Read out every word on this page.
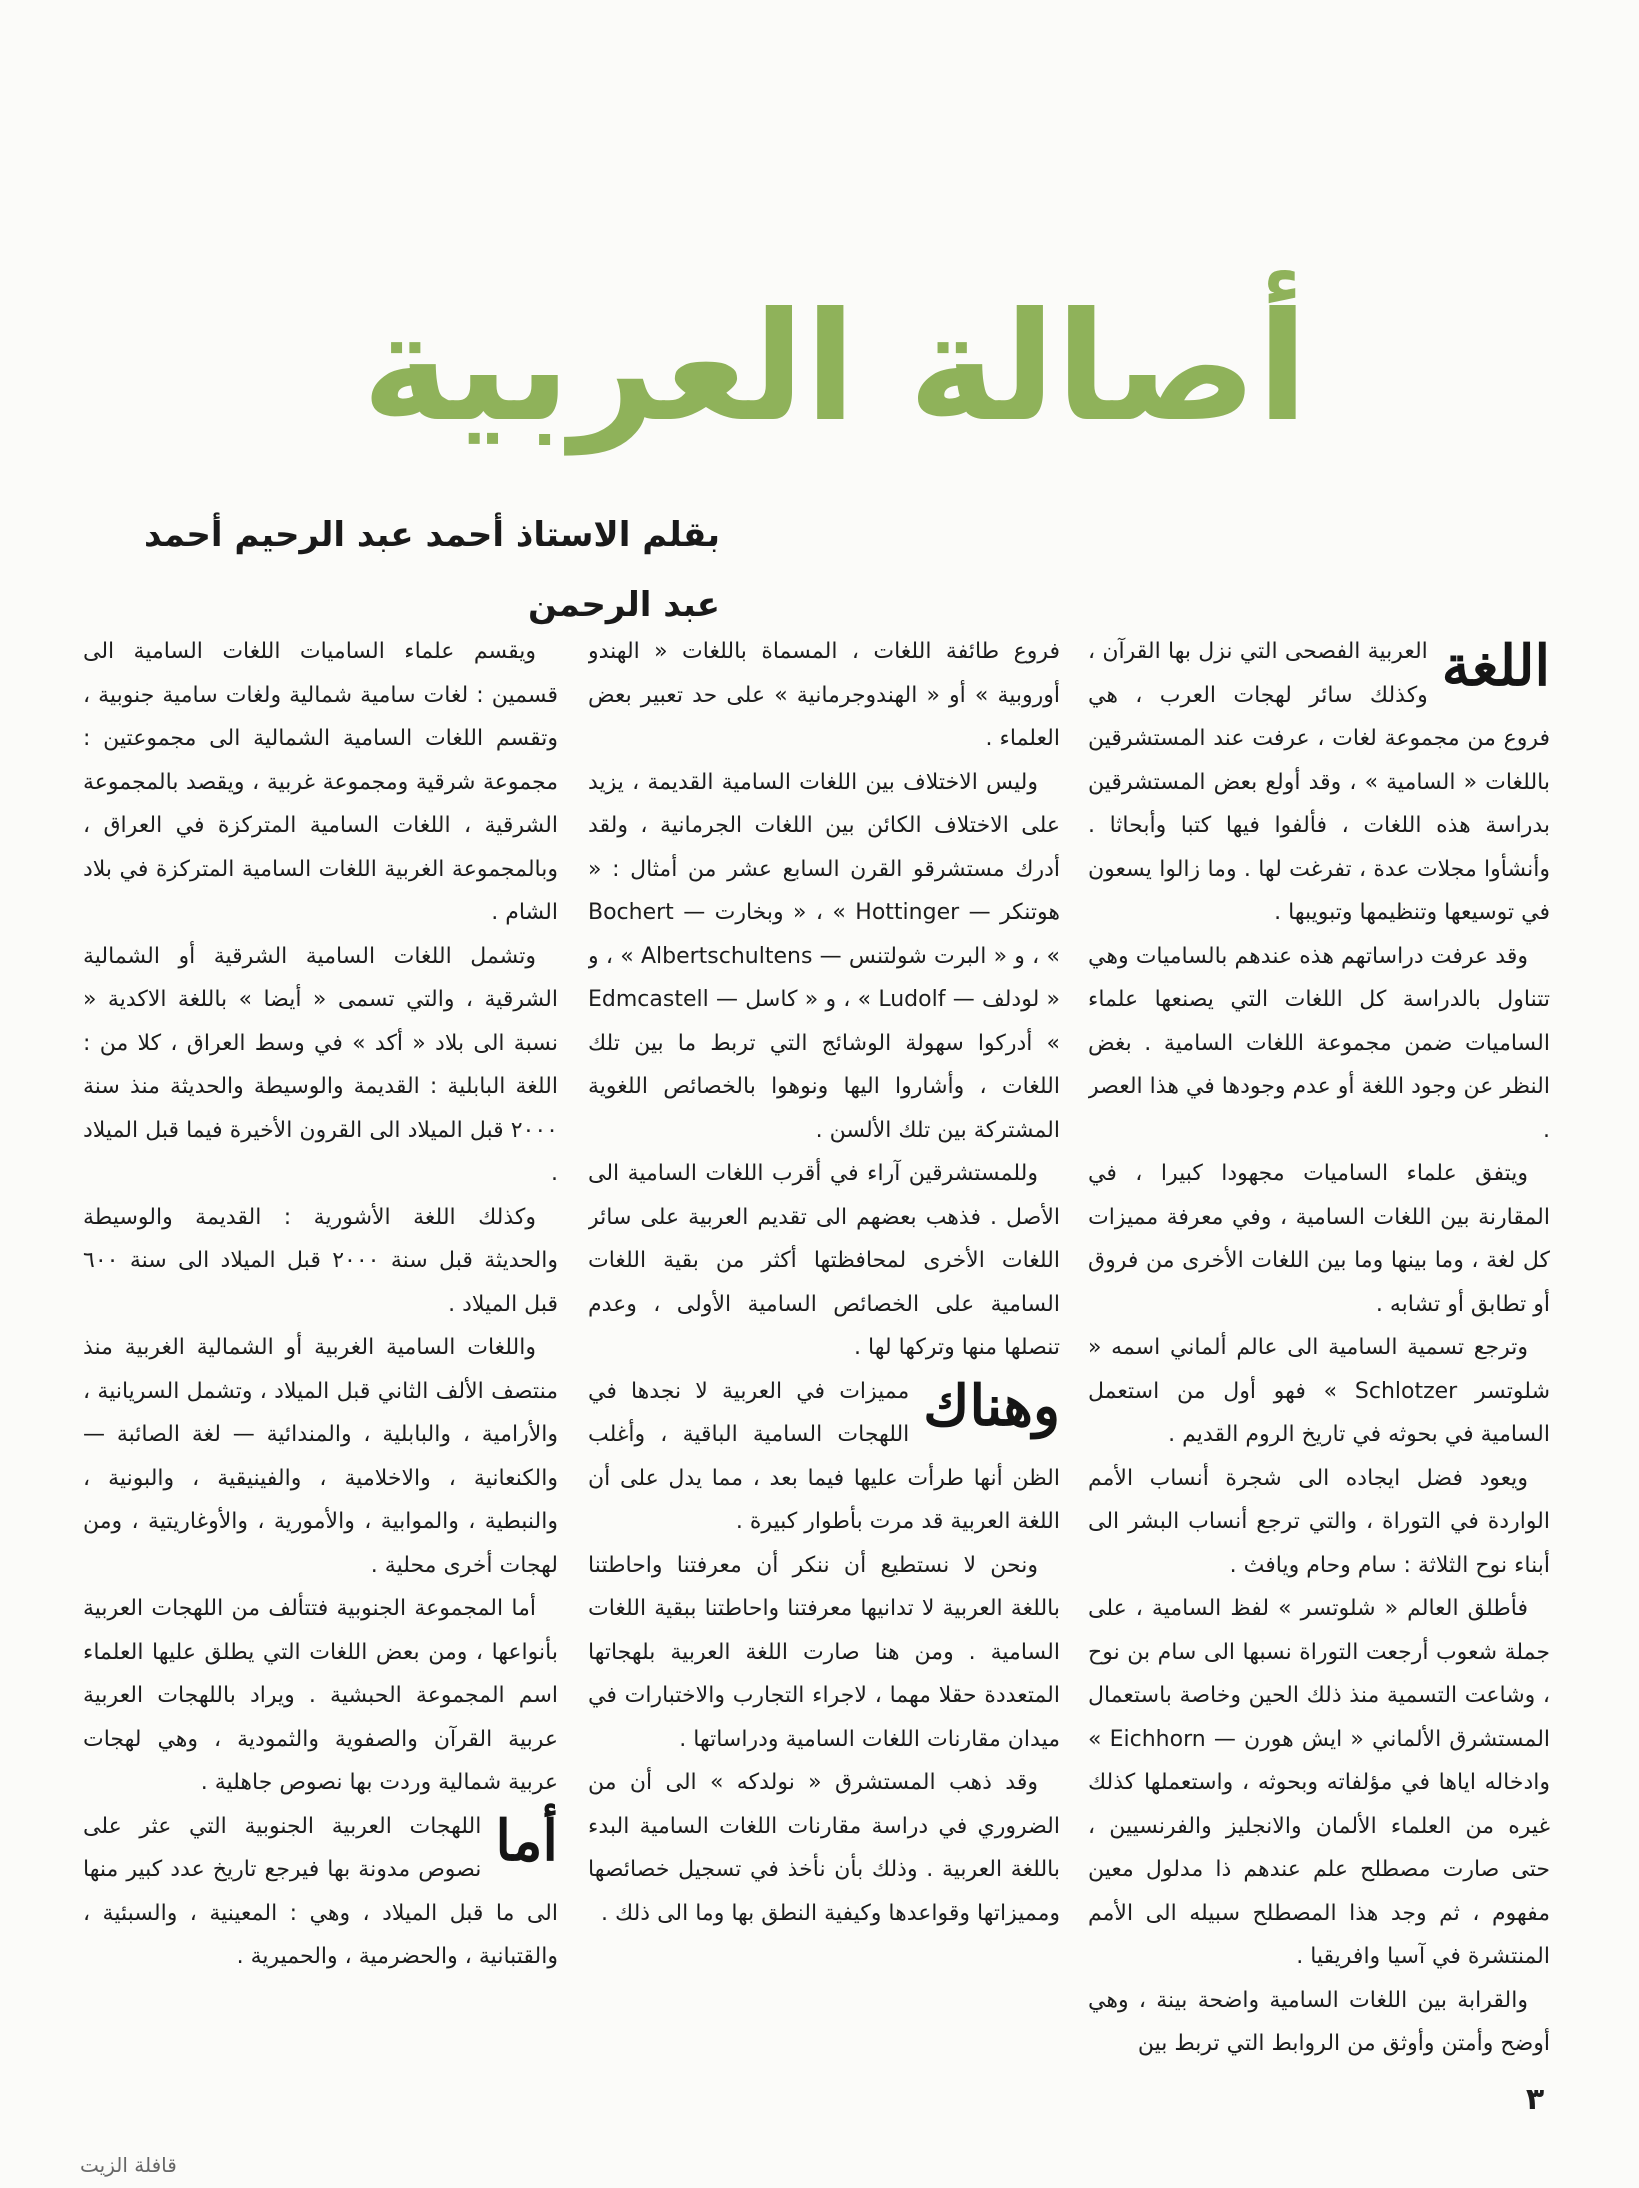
أصالة العربية
بقلم الاستاذ أحمد عبد الرحيم أحمد عبد الرحمن

اللغة
العربية الفصحى التي نزل بها القرآن ، وكذلك سائر لهجات العرب ، هي فروع من مجموعة لغات ، عرفت عند المستشرقين باللغات « السامية » ، وقد أولع بعض المستشرقين بدراسة هذه اللغات ، فألفوا فيها كتبا وأبحاثا . وأنشأوا مجلات عدة ، تفرغت لها . وما زالوا يسعون في توسيعها وتنظيمها وتبويبها .

وقد عرفت دراساتهم هذه عندهم بالساميات وهي تتناول بالدراسة كل اللغات التي يصنعها علماء الساميات ضمن مجموعة اللغات السامية . بغض النظر عن وجود اللغة أو عدم وجودها في هذا العصر .

ويتفق علماء الساميات مجهودا كبيرا ، في المقارنة بين اللغات السامية ، وفي معرفة مميزات كل لغة ، وما بينها وما بين اللغات الأخرى من فروق أو تطابق أو تشابه .

وترجع تسمية السامية الى عالم ألماني اسمه « شلوتسر Schlotzer » فهو أول من استعمل السامية في بحوثه في تاريخ الروم القديم .

ويعود فضل ايجاده الى شجرة أنساب الأمم الواردة في التوراة ، والتي ترجع أنساب البشر الى أبناء نوح الثلاثة : سام وحام ويافث .

فأطلق العالم « شلوتسر » لفظ السامية ، على جملة شعوب أرجعت التوراة نسبها الى سام بن نوح ، وشاعت التسمية منذ ذلك الحين وخاصة باستعمال المستشرق الألماني « ايش هورن — Eichhorn » وادخاله اياها في مؤلفاته وبحوثه ، واستعملها كذلك غيره من العلماء الألمان والانجليز والفرنسيين ، حتى صارت مصطلح علم عندهم ذا مدلول معين مفهوم ، ثم وجد هذا المصطلح سبيله الى الأمم المنتشرة في آسيا وافريقيا .

والقرابة بين اللغات السامية واضحة بينة ، وهي أوضح وأمتن وأوثق من الروابط التي تربط بين

فروع طائفة اللغات ، المسماة باللغات « الهندو أوروبية » أو « الهندوجرمانية » على حد تعبير بعض العلماء .

وليس الاختلاف بين اللغات السامية القديمة ، يزيد على الاختلاف الكائن بين اللغات الجرمانية ، ولقد أدرك مستشرقو القرن السابع عشر من أمثال : « هوتنكر — Hottinger » ، « وبخارت — Bochert » ، و « البرت شولتنس — Albertschultens » ، و « لودلف — Ludolf » ، و « كاسل — Edmcastell » أدركوا سهولة الوشائج التي تربط ما بين تلك اللغات ، وأشاروا اليها ونوهوا بالخصائص اللغوية المشتركة بين تلك الألسن .

وللمستشرقين آراء في أقرب اللغات السامية الى الأصل . فذهب بعضهم الى تقديم العربية على سائر اللغات الأخرى لمحافظتها أكثر من بقية اللغات السامية على الخصائص السامية الأولى ، وعدم تنصلها منها وتركها لها .

وهناك
مميزات في العربية لا نجدها في اللهجات السامية الباقية ، وأغلب الظن أنها طرأت عليها فيما بعد ، مما يدل على أن اللغة العربية قد مرت بأطوار كبيرة .

ونحن لا نستطيع أن ننكر أن معرفتنا واحاطتنا باللغة العربية لا تدانيها معرفتنا واحاطتنا ببقية اللغات السامية . ومن هنا صارت اللغة العربية بلهجاتها المتعددة حقلا مهما ، لاجراء التجارب والاختبارات في ميدان مقارنات اللغات السامية ودراساتها .

وقد ذهب المستشرق « نولدكه » الى أن من الضروري في دراسة مقارنات اللغات السامية البدء باللغة العربية . وذلك بأن نأخذ في تسجيل خصائصها ومميزاتها وقواعدها وكيفية النطق بها وما الى ذلك .

ويقسم علماء الساميات اللغات السامية الى قسمين : لغات سامية شمالية ولغات سامية جنوبية ، وتقسم اللغات السامية الشمالية الى مجموعتين : مجموعة شرقية ومجموعة غربية ، ويقصد بالمجموعة الشرقية ، اللغات السامية المتركزة في العراق ، وبالمجموعة الغربية اللغات السامية المتركزة في بلاد الشام .

وتشمل اللغات السامية الشرقية أو الشمالية الشرقية ، والتي تسمى « أيضا » باللغة الاكدية « نسبة الى بلاد « أكد » في وسط العراق ، كلا من : اللغة البابلية : القديمة والوسيطة والحديثة منذ سنة ٢٠٠٠ قبل الميلاد الى القرون الأخيرة فيما قبل الميلاد .

وكذلك اللغة الأشورية : القديمة والوسيطة والحديثة قبل سنة ٢٠٠٠ قبل الميلاد الى سنة ٦٠٠ قبل الميلاد .

واللغات السامية الغربية أو الشمالية الغربية منذ منتصف الألف الثاني قبل الميلاد ، وتشمل السريانية ، والأرامية ، والبابلية ، والمندائية — لغة الصائبة — والكنعانية ، والاخلامية ، والفينيقية ، والبونية ، والنبطية ، والموابية ، والأمورية ، والأوغاريتية ، ومن لهجات أخرى محلية .

أما المجموعة الجنوبية فتتألف من اللهجات العربية بأنواعها ، ومن بعض اللغات التي يطلق عليها العلماء اسم المجموعة الحبشية . ويراد باللهجات العربية عربية القرآن والصفوية والثمودية ، وهي لهجات عربية شمالية وردت بها نصوص جاهلية .

أما
اللهجات العربية الجنوبية التي عثر على نصوص مدونة بها فيرجع تاريخ عدد كبير منها الى ما قبل الميلاد ، وهي : المعينية ، والسبئية ، والقتبانية ، والحضرمية ، والحميرية .

٣
قافلة الزيت
